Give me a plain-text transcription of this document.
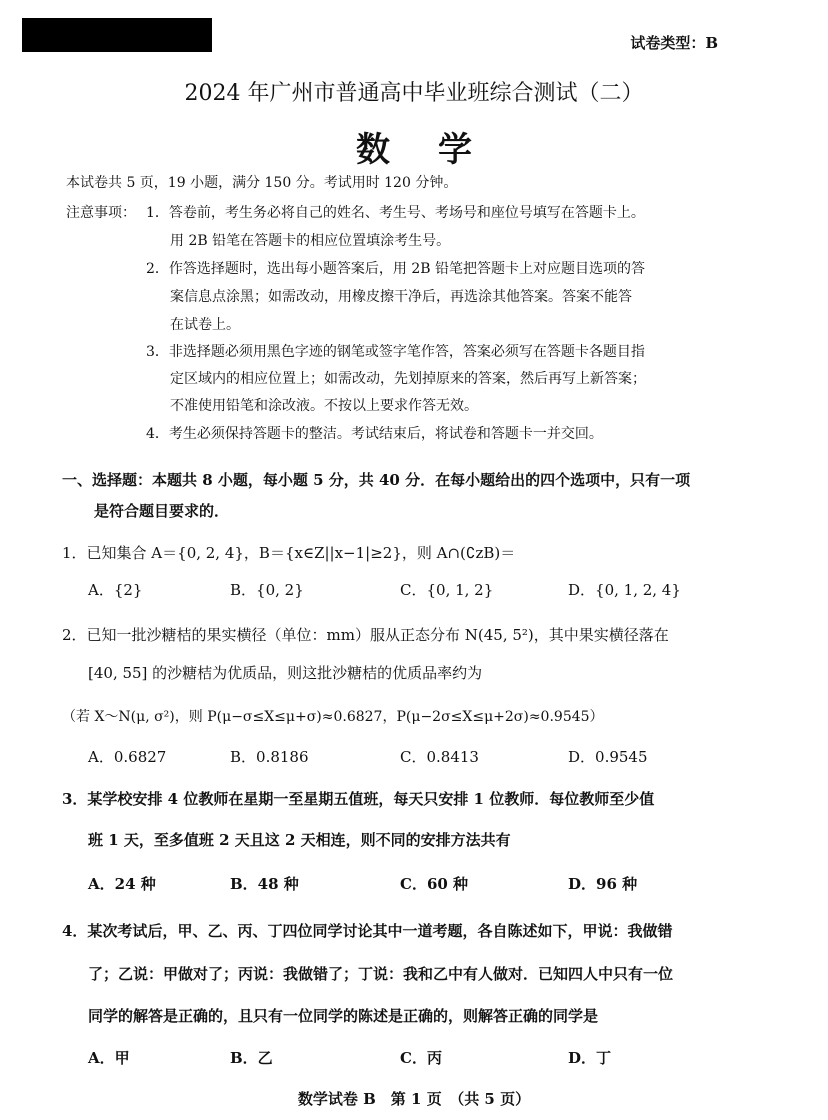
试卷类型：B
2024 年广州市普通高中毕业班综合测试（二）
数学
本试卷共 5 页，19 小题，满分 150 分。考试用时 120 分钟。
注意事项： 1．答卷前，考生务必将自己的姓名、考生号、考场号和座位号填写在答题卡上。
用 2B 铅笔在答题卡的相应位置填涂考生号。
2．作答选择题时，选出每小题答案后，用 2B 铅笔把答题卡上对应题目选项的答
案信息点涂黑；如需改动，用橡皮擦干净后，再选涂其他答案。答案不能答
在试卷上。
3．非选择题必须用黑色字迹的钢笔或签字笔作答，答案必须写在答题卡各题目指
定区域内的相应位置上；如需改动，先划掉原来的答案，然后再写上新答案；
不准使用铅笔和涂改液。不按以上要求作答无效。
4．考生必须保持答题卡的整洁。考试结束后，将试卷和答题卡一并交回。
一、选择题：本题共 8 小题，每小题 5 分，共 40 分．在每小题给出的四个选项中，只有一项
是符合题目要求的．
1．已知集合 A＝{0, 2, 4}，B＝{x∈Z||x−1|≥2}，则 A∩(∁zB)＝
A．{2}	B．{0, 2}	C．{0, 1, 2}	D．{0, 1, 2, 4}
2．已知一批沙糖桔的果实横径（单位：mm）服从正态分布 N(45, 5²)，其中果实横径落在
[40, 55] 的沙糖桔为优质品，则这批沙糖桔的优质品率约为
（若 X～N(μ, σ²)，则 P(μ−σ≤X≤μ+σ)≈0.6827，P(μ−2σ≤X≤μ+2σ)≈0.9545）
A．0.6827	B．0.8186	C．0.8413	D．0.9545
3．某学校安排 4 位教师在星期一至星期五值班，每天只安排 1 位教师．每位教师至少值
班 1 天，至多值班 2 天且这 2 天相连，则不同的安排方法共有
A．24 种	B．48 种	C．60 种	D．96 种
4．某次考试后，甲、乙、丙、丁四位同学讨论其中一道考题，各自陈述如下，甲说：我做错
了；乙说：甲做对了；丙说：我做错了；丁说：我和乙中有人做对．已知四人中只有一位
同学的解答是正确的，且只有一位同学的陈述是正确的，则解答正确的同学是
A．甲	B．乙	C．丙	D．丁
数学试卷 B　第 1 页　（共 5 页）
